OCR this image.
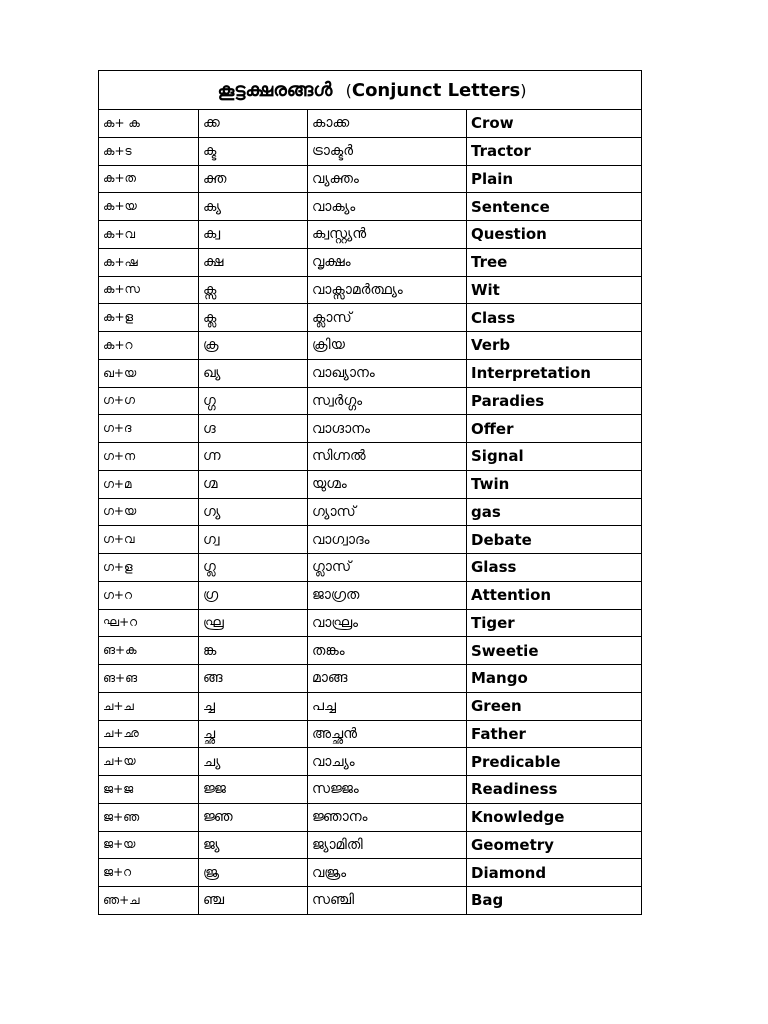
കൂട്ടക്ഷരങ്ങൾ (Conjunct Letters)			
ക+ ക	ക്ക	കാക്ക	Crow
ക+ട	ക്ട	ട്രാക്ടർ	Tractor
ക+ത	ക്ത	വ്യക്തം	Plain
ക+യ	ക്യ	വാക്യം	Sentence
ക+വ	ക്വ	ക്വസ്റ്റ്യൻ	Question
ക+ഷ	ക്ഷ	വൃക്ഷം	Tree
ക+സ	ക്സ	വാക്സാമർത്ഥ്യം	Wit
ക+ള	ക്ല	ക്ലാസ്	Class
ക+റ	ക്ര	ക്രിയ	Verb
ഖ+യ	ഖ്യ	വാഖ്യാനം	Interpretation
ഗ+ഗ	ഗ്ഗ	സ്വർഗ്ഗം	Paradies
ഗ+ദ	ഗ്ദ	വാഗ്ദാനം	Offer
ഗ+ന	ഗ്ന	സിഗ്നൽ	Signal
ഗ+മ	ഗ്മ	യുഗ്മം	Twin
ഗ+യ	ഗ്യ	ഗ്യാസ്	gas
ഗ+വ	ഗ്വ	വാഗ്വാദം	Debate
ഗ+ള	ഗ്ല	ഗ്ലാസ്	Glass
ഗ+റ	ഗ്ര	ജാഗ്രത	Attention
ഘ+റ	ഘ്ര	വാഘ്രം	Tiger
ങ+ക	ങ്ക	തങ്കം	Sweetie
ങ+ങ	ങ്ങ	മാങ്ങ	Mango
ച+ച	ച്ച	പച്ച	Green
ച+ഛ	ച്ഛ	അച്ഛൻ	Father
ച+യ	ച്യ	വാച്യം	Predicable
ജ+ജ	ജ്ജ	സജ്ജം	Readiness
ജ+ഞ	ജ്ഞ	ജ്ഞാനം	Knowledge
ജ+യ	ജ്യ	ജ്യാമിതി	Geometry
ജ+റ	ജ്ര	വജ്രം	Diamond
ഞ+ച	ഞ്ച	സഞ്ചി	Bag
